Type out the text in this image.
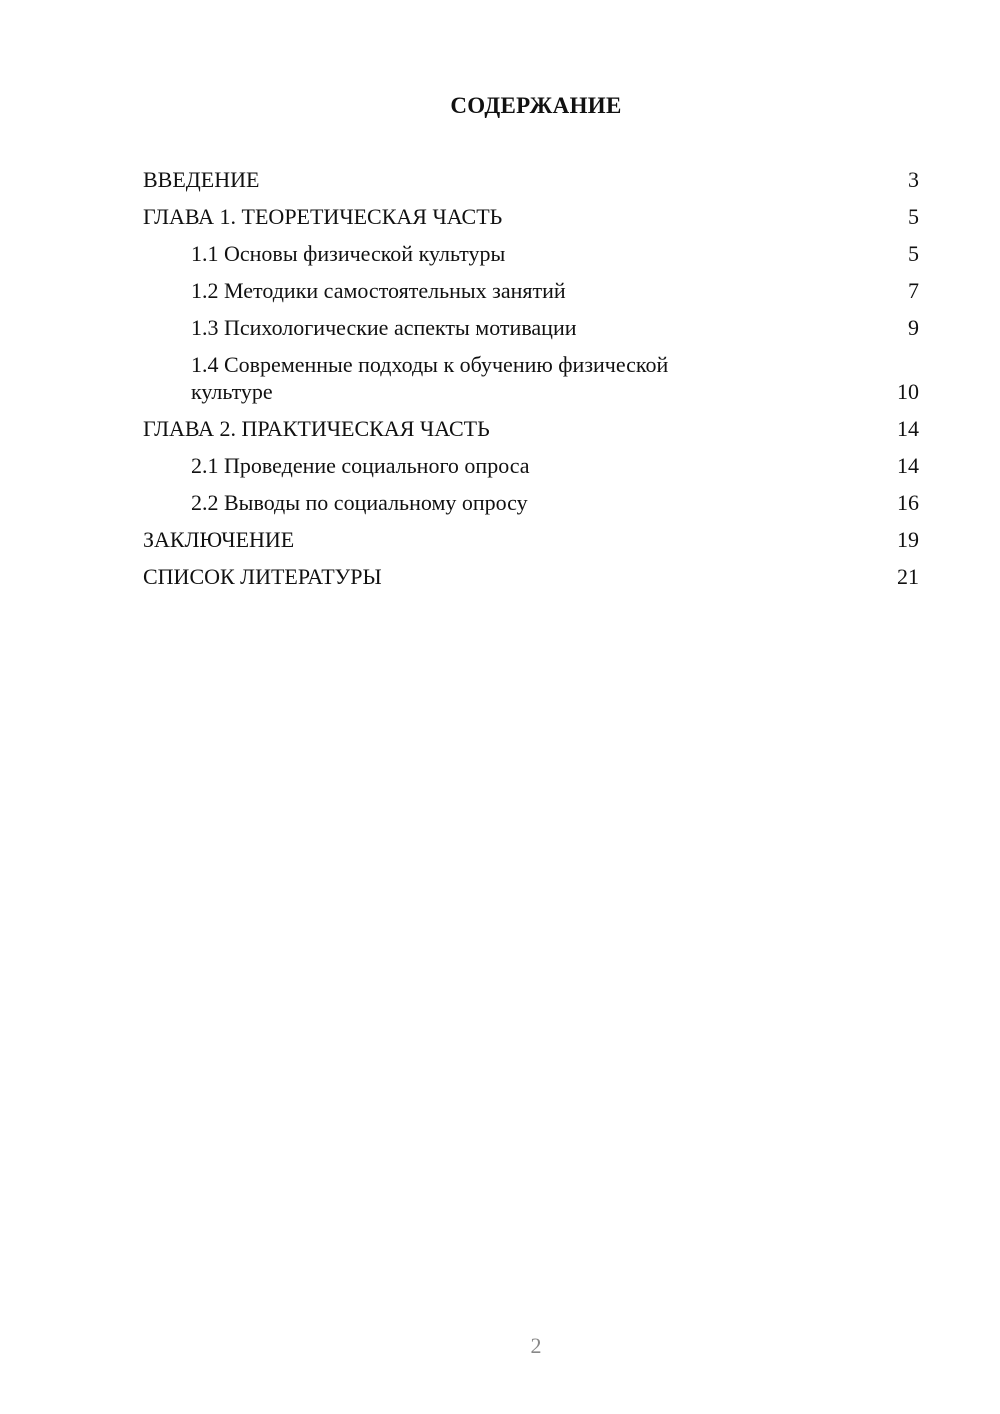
СОДЕРЖАНИЕ
ВВЕДЕНИЕ	3
ГЛАВА 1. ТЕОРЕТИЧЕСКАЯ ЧАСТЬ	5
1.1 Основы физической культуры	5
1.2 Методики самостоятельных занятий	7
1.3 Психологические аспекты мотивации	9
1.4 Современные подходы к обучению физической культуре	10
ГЛАВА 2. ПРАКТИЧЕСКАЯ ЧАСТЬ	14
2.1 Проведение социального опроса	14
2.2 Выводы по социальному опросу	16
ЗАКЛЮЧЕНИЕ	19
СПИСОК ЛИТЕРАТУРЫ	21
2
